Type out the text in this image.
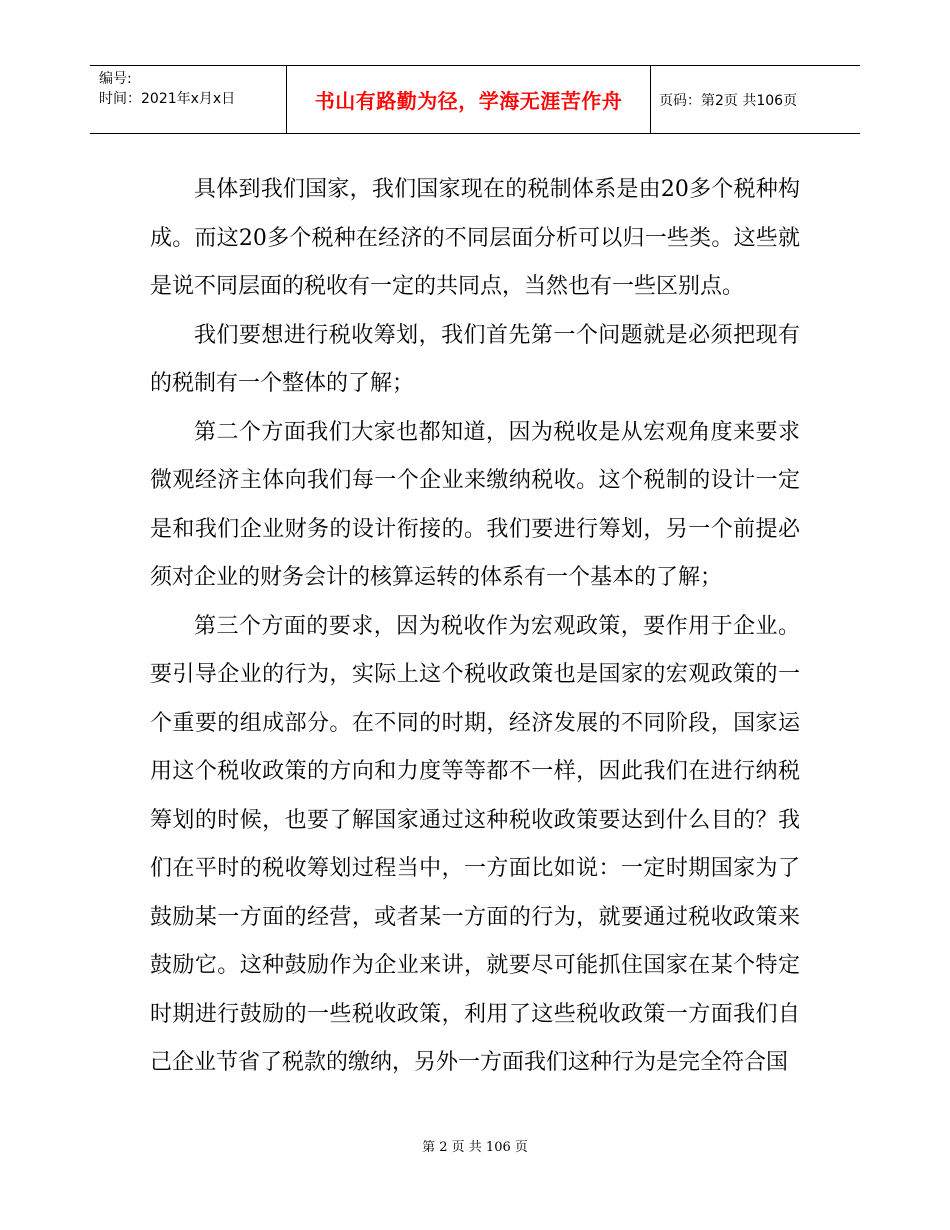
编号:
时间：2021年x月x日	书山有路勤为径，学海无涯苦作舟	页码：第2页 共106页

具体到我们国家，我们国家现在的税制体系是由20多个税种构成。而这20多个税种在经济的不同层面分析可以归一些类。这些就是说不同层面的税收有一定的共同点，当然也有一些区别点。

我们要想进行税收筹划，我们首先第一个问题就是必须把现有的税制有一个整体的了解；

第二个方面我们大家也都知道，因为税收是从宏观角度来要求微观经济主体向我们每一个企业来缴纳税收。这个税制的设计一定是和我们企业财务的设计衔接的。我们要进行筹划，另一个前提必须对企业的财务会计的核算运转的体系有一个基本的了解；

第三个方面的要求，因为税收作为宏观政策，要作用于企业。要引导企业的行为，实际上这个税收政策也是国家的宏观政策的一个重要的组成部分。在不同的时期，经济发展的不同阶段，国家运用这个税收政策的方向和力度等等都不一样，因此我们在进行纳税筹划的时候，也要了解国家通过这种税收政策要达到什么目的？我们在平时的税收筹划过程当中，一方面比如说：一定时期国家为了鼓励某一方面的经营，或者某一方面的行为，就要通过税收政策来鼓励它。这种鼓励作为企业来讲，就要尽可能抓住国家在某个特定时期进行鼓励的一些税收政策，利用了这些税收政策一方面我们自己企业节省了税款的缴纳，另外一方面我们这种行为是完全符合国

第 2 页 共 106 页
